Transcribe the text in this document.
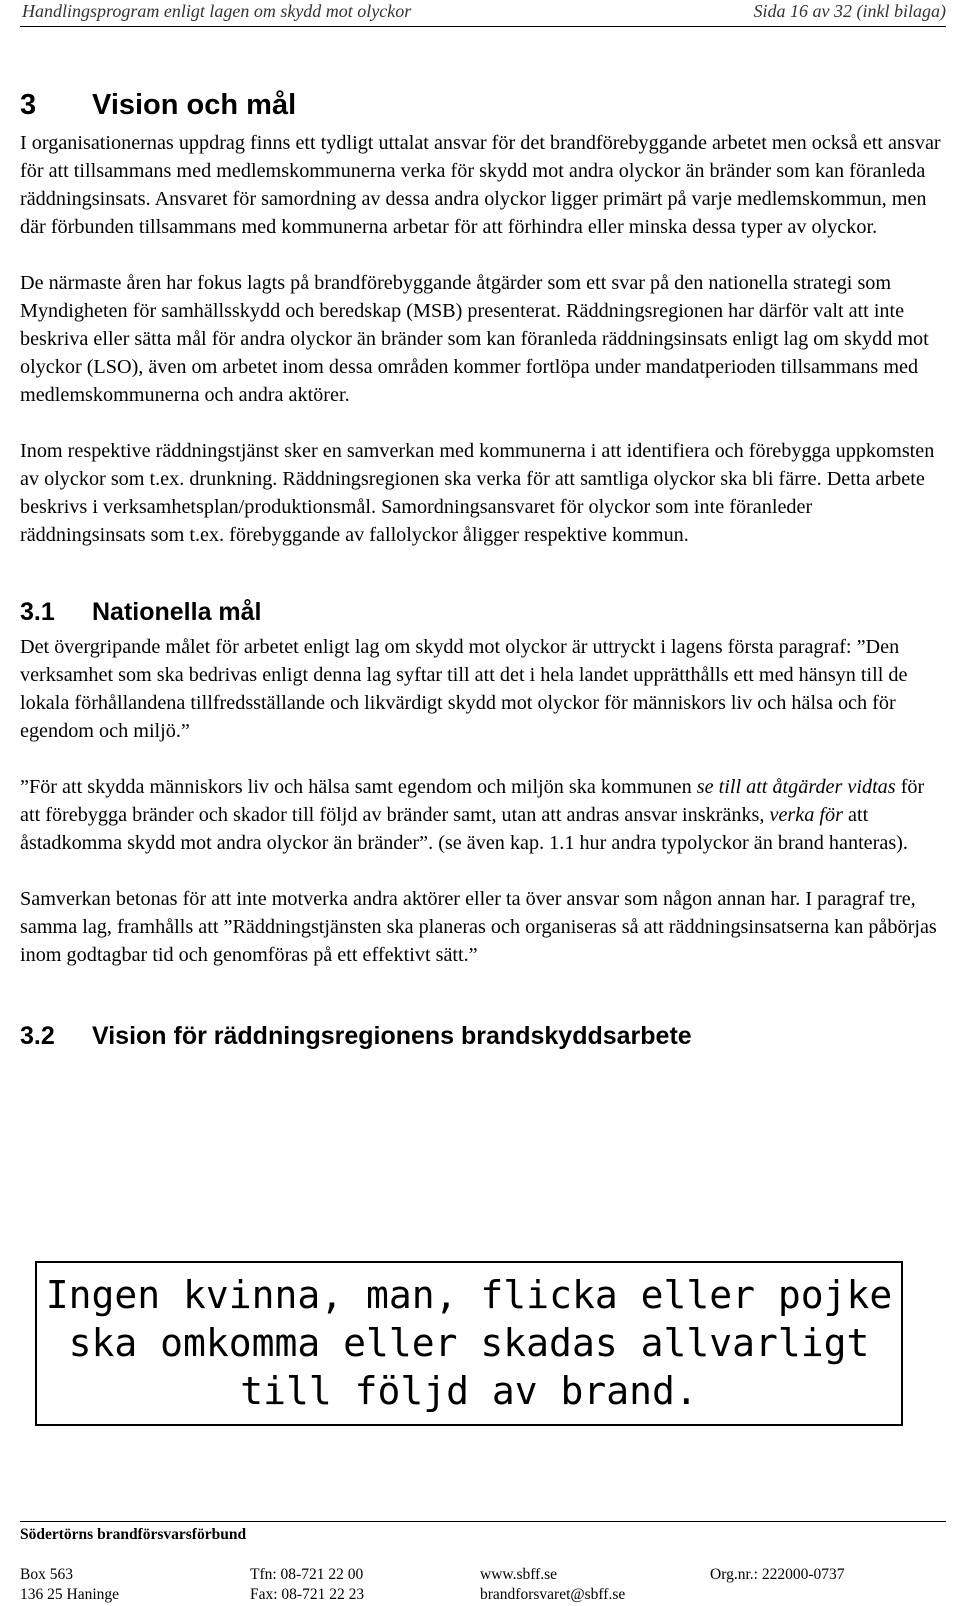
Handlingsprogram enligt lagen om skydd mot olyckor	Sida 16 av 32 (inkl bilaga)
3 Vision och mål

I organisationernas uppdrag finns ett tydligt uttalat ansvar för det brandförebyggande arbetet men också ett ansvar för att tillsammans med medlemskommunerna verka för skydd mot andra olyckor än bränder som kan föranleda räddningsinsats. Ansvaret för samordning av dessa andra olyckor ligger primärt på varje medlemskommun, men där förbunden tillsammans med kommunerna arbetar för att förhindra eller minska dessa typer av olyckor.

De närmaste åren har fokus lagts på brandförebyggande åtgärder som ett svar på den nationella strategi som Myndigheten för samhällsskydd och beredskap (MSB) presenterat. Räddningsregionen har därför valt att inte beskriva eller sätta mål för andra olyckor än bränder som kan föranleda räddningsinsats enligt lag om skydd mot olyckor (LSO), även om arbetet inom dessa områden kommer fortlöpa under mandatperioden tillsammans med medlemskommunerna och andra aktörer.

Inom respektive räddningstjänst sker en samverkan med kommunerna i att identifiera och förebygga uppkomsten av olyckor som t.ex. drunkning. Räddningsregionen ska verka för att samtliga olyckor ska bli färre. Detta arbete beskrivs i verksamhetsplan/produktionsmål. Samordningsansvaret för olyckor som inte föranleder räddningsinsats som t.ex. förebyggande av fallolyckor åligger respektive kommun.

3.1 Nationella mål

Det övergripande målet för arbetet enligt lag om skydd mot olyckor är uttryckt i lagens första paragraf: ”Den verksamhet som ska bedrivas enligt denna lag syftar till att det i hela landet upprätthålls ett med hänsyn till de lokala förhållandena tillfredsställande och likvärdigt skydd mot olyckor för människors liv och hälsa och för egendom och miljö.”

”För att skydda människors liv och hälsa samt egendom och miljön ska kommunen se till att åtgärder vidtas för att förebygga bränder och skador till följd av bränder samt, utan att andras ansvar inskränks, verka för att åstadkomma skydd mot andra olyckor än bränder”. (se även kap. 1.1 hur andra typolyckor än brand hanteras).

Samverkan betonas för att inte motverka andra aktörer eller ta över ansvar som någon annan har. I paragraf tre, samma lag, framhålls att ”Räddningstjänsten ska planeras och organiseras så att räddningsinsatserna kan påbörjas inom godtagbar tid och genomföras på ett effektivt sätt.”

3.2 Vision för räddningsregionens brandskyddsarbete
Ingen kvinna, man, flicka eller pojke ska omkomma eller skadas allvarligt till följd av brand.
Södertörns brandförsvarsförbund
Box 563
136 25 Haninge
Tfn: 08-721 22 00
Fax: 08-721 22 23
www.sbff.se
brandforsvaret@sbff.se
Org.nr.: 222000-0737
